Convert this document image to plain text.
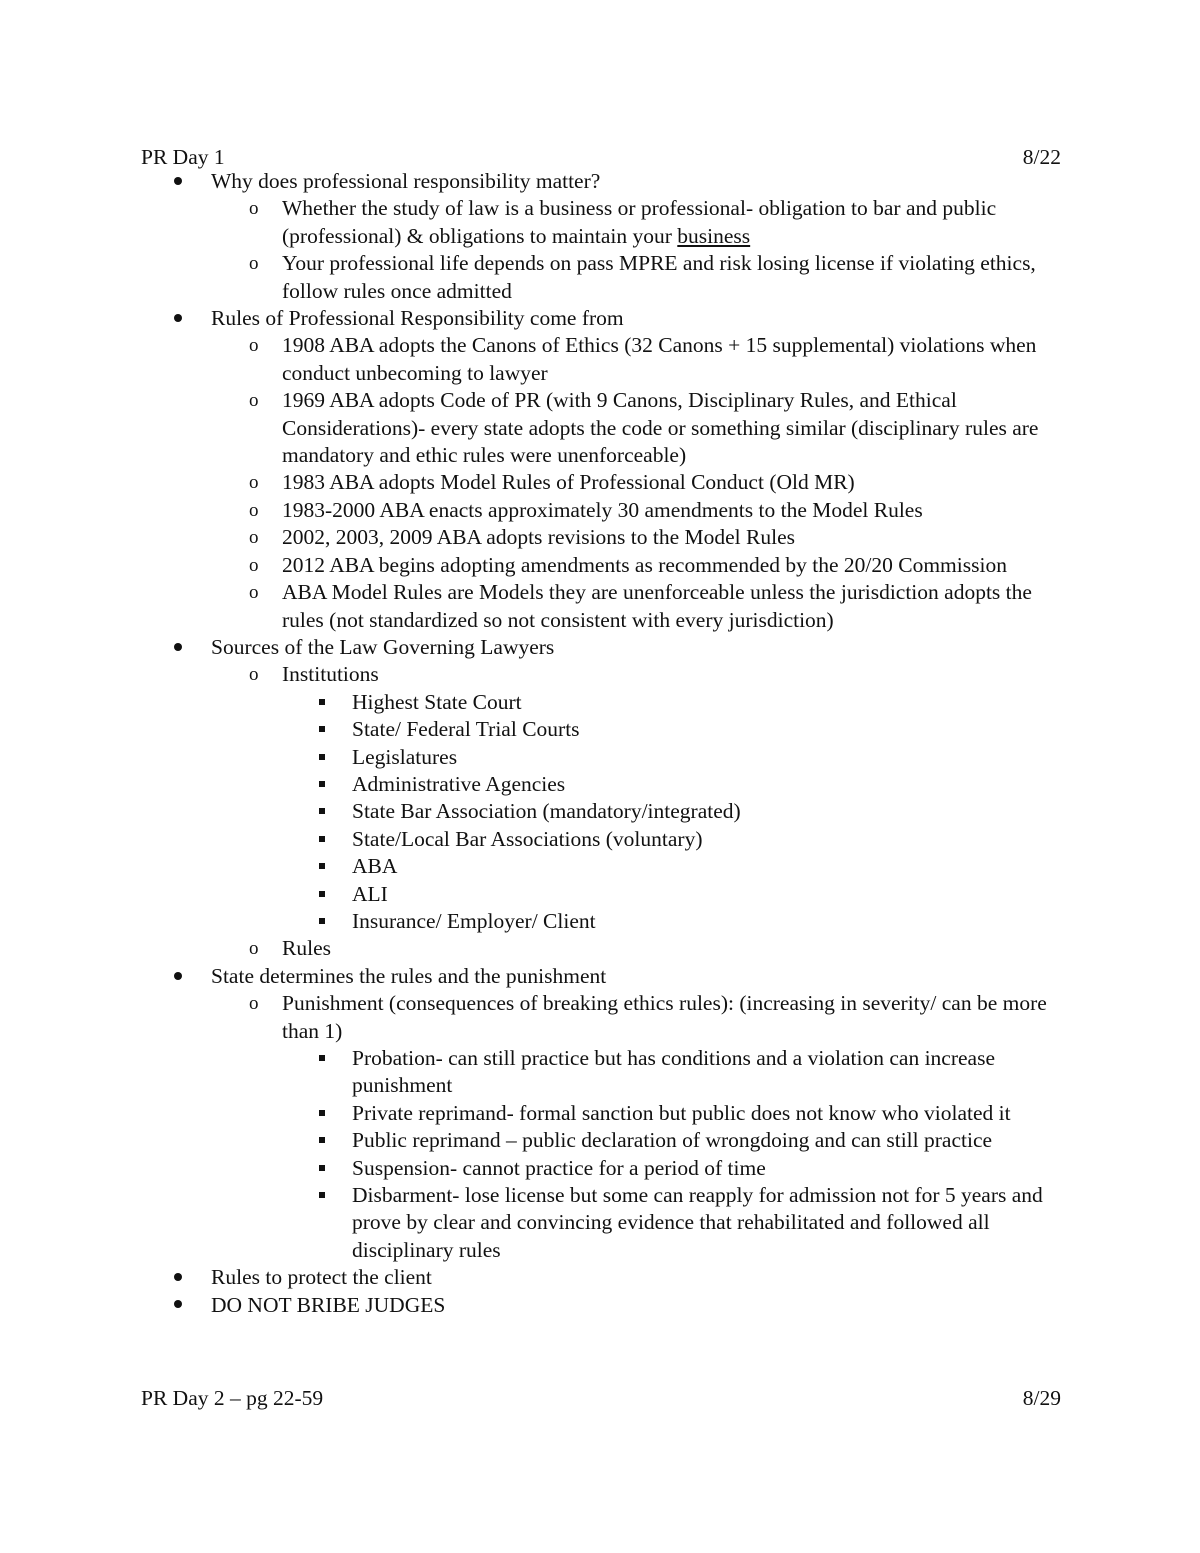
PR Day 1	8/22
Why does professional responsibility matter?
o Whether the study of law is a business or professional- obligation to bar and public (professional) & obligations to maintain your business
o Your professional life depends on pass MPRE and risk losing license if violating ethics, follow rules once admitted
Rules of Professional Responsibility come from
o 1908 ABA adopts the Canons of Ethics (32 Canons + 15 supplemental) violations when conduct unbecoming to lawyer
o 1969 ABA adopts Code of PR (with 9 Canons, Disciplinary Rules, and Ethical Considerations)- every state adopts the code or something similar (disciplinary rules are mandatory and ethic rules were unenforceable)
o 1983 ABA adopts Model Rules of Professional Conduct (Old MR)
o 1983-2000 ABA enacts approximately 30 amendments to the Model Rules
o 2002, 2003, 2009 ABA adopts revisions to the Model Rules
o 2012 ABA begins adopting amendments as recommended by the 20/20 Commission
o ABA Model Rules are Models they are unenforceable unless the jurisdiction adopts the rules (not standardized so not consistent with every jurisdiction)
Sources of the Law Governing Lawyers
o Institutions
Highest State Court
State/ Federal Trial Courts
Legislatures
Administrative Agencies
State Bar Association (mandatory/integrated)
State/Local Bar Associations (voluntary)
ABA
ALI
Insurance/ Employer/ Client
o Rules
State determines the rules and the punishment
o Punishment (consequences of breaking ethics rules): (increasing in severity/ can be more than 1)
Probation- can still practice but has conditions and a violation can increase punishment
Private reprimand- formal sanction but public does not know who violated it
Public reprimand – public declaration of wrongdoing and can still practice
Suspension- cannot practice for a period of time
Disbarment- lose license but some can reapply for admission not for 5 years and prove by clear and convincing evidence that rehabilitated and followed all disciplinary rules
Rules to protect the client
DO NOT BRIBE JUDGES
PR Day 2 – pg 22-59	8/29
